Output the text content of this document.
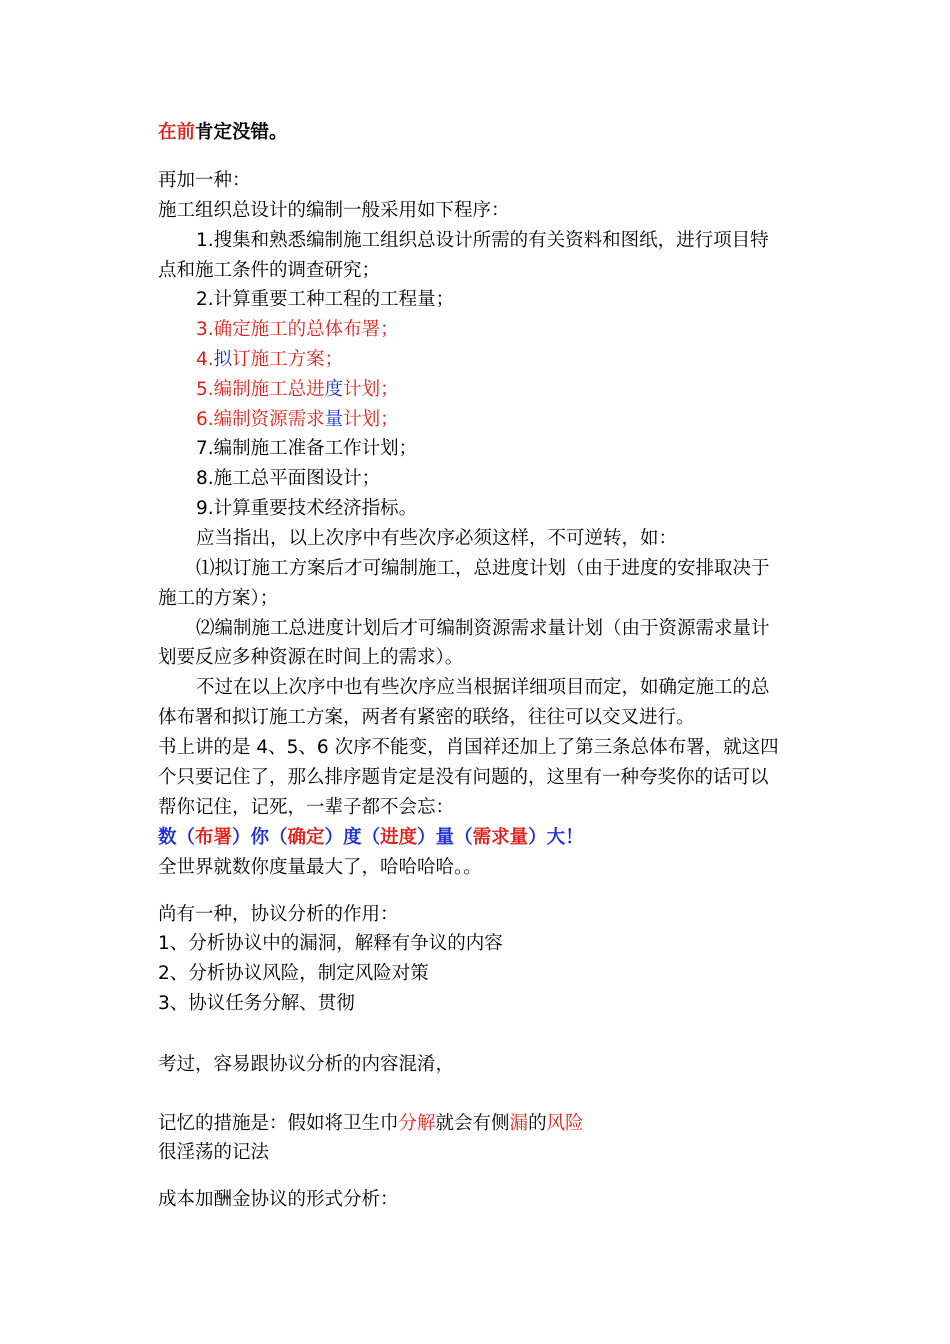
在前肯定没错。
再加一种：
施工组织总设计的编制一般采用如下程序：
1.搜集和熟悉编制施工组织总设计所需的有关资料和图纸，进行项目特
点和施工条件的调查研究；
2.计算重要工种工程的工程量；
3.确定施工的总体布署；
4.拟订施工方案；
5.编制施工总进度计划；
6.编制资源需求量计划；
7.编制施工准备工作计划；
8.施工总平面图设计；
9.计算重要技术经济指标。
应当指出，以上次序中有些次序必须这样，不可逆转，如：
⑴拟订施工方案后才可编制施工，总进度计划（由于进度的安排取决于
施工的方案）；
⑵编制施工总进度计划后才可编制资源需求量计划（由于资源需求量计
划要反应多种资源在时间上的需求）。
不过在以上次序中也有些次序应当根据详细项目而定，如确定施工的总
体布署和拟订施工方案，两者有紧密的联络，往往可以交叉进行。
书上讲的是 4、5、6 次序不能变，肖国祥还加上了第三条总体布署，就这四
个只要记住了，那么排序题肯定是没有问题的，这里有一种夸奖你的话可以
帮你记住，记死，一辈子都不会忘：
数（布署）你（确定）度（进度）量（需求量）大！
全世界就数你度量最大了，哈哈哈哈。。
尚有一种，协议分析的作用：
1、分析协议中的漏洞，解释有争议的内容
2、分析协议风险，制定风险对策
3、协议任务分解、贯彻
考过，容易跟协议分析的内容混淆，
记忆的措施是：假如将卫生巾分解就会有侧漏的风险
很淫荡的记法
成本加酬金协议的形式分析：
